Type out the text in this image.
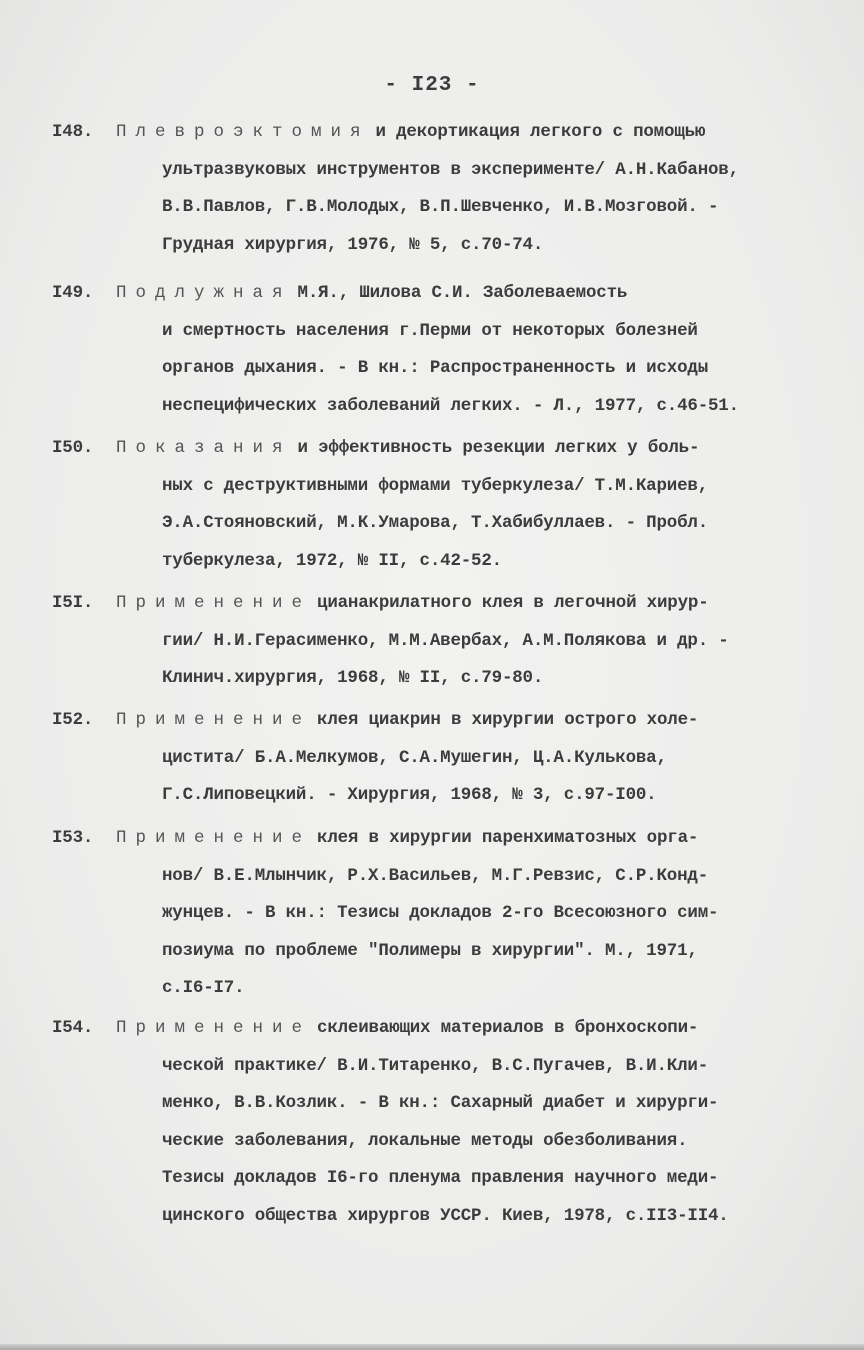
- I23 -
I48. Плевроэктомия и декортикация легкого с помощью
ультразвуковых инструментов в эксперименте/ А.Н.Кабанов,
В.В.Павлов, Г.В.Молодых, В.П.Шевченко, И.В.Мозговой. -
Грудная хирургия, 1976, № 5, с.70-74.
I49. Подлужная М.Я., Шилова С.И. Заболеваемость
и смертность населения г.Перми от некоторых болезней
органов дыхания. - В кн.: Распространенность и исходы
неспецифических заболеваний легких. - Л., 1977, с.46-51.
I50. Показания и эффективность резекции легких у боль-
ных с деструктивными формами туберкулеза/ Т.М.Кариев,
Э.А.Стояновский, М.К.Умарова, Т.Хабибуллаев. - Пробл.
туберкулеза, 1972, № II, с.42-52.
I5I. Применение цианакрилатного клея в легочной хирур-
гии/ Н.И.Герасименко, М.М.Авербах, А.М.Полякова и др. -
Клинич.хирургия, 1968, № II, с.79-80.
I52. Применение клея циакрин в хирургии острого холе-
цистита/ Б.А.Мелкумов, С.А.Мушегин, Ц.А.Кулькова,
Г.С.Липовецкий. - Хирургия, 1968, № 3, с.97-I00.
I53. Применение клея в хирургии паренхиматозных орга-
нов/ В.Е.Млынчик, Р.Х.Васильев, М.Г.Ревзис, С.Р.Конд-
жунцев. - В кн.: Тезисы докладов 2-го Всесоюзного сим-
позиума по проблеме "Полимеры в хирургии". М., 1971,
с.I6-I7.
I54. Применение склеивающих материалов в бронхоскопи-
ческой практике/ В.И.Титаренко, В.С.Пугачев, В.И.Кли-
менко, В.В.Козлик. - В кн.: Сахарный диабет и хирурги-
ческие заболевания, локальные методы обезболивания.
Тезисы докладов I6-го пленума правления научного меди-
цинского общества хирургов УССР. Киев, 1978, с.II3-II4.
